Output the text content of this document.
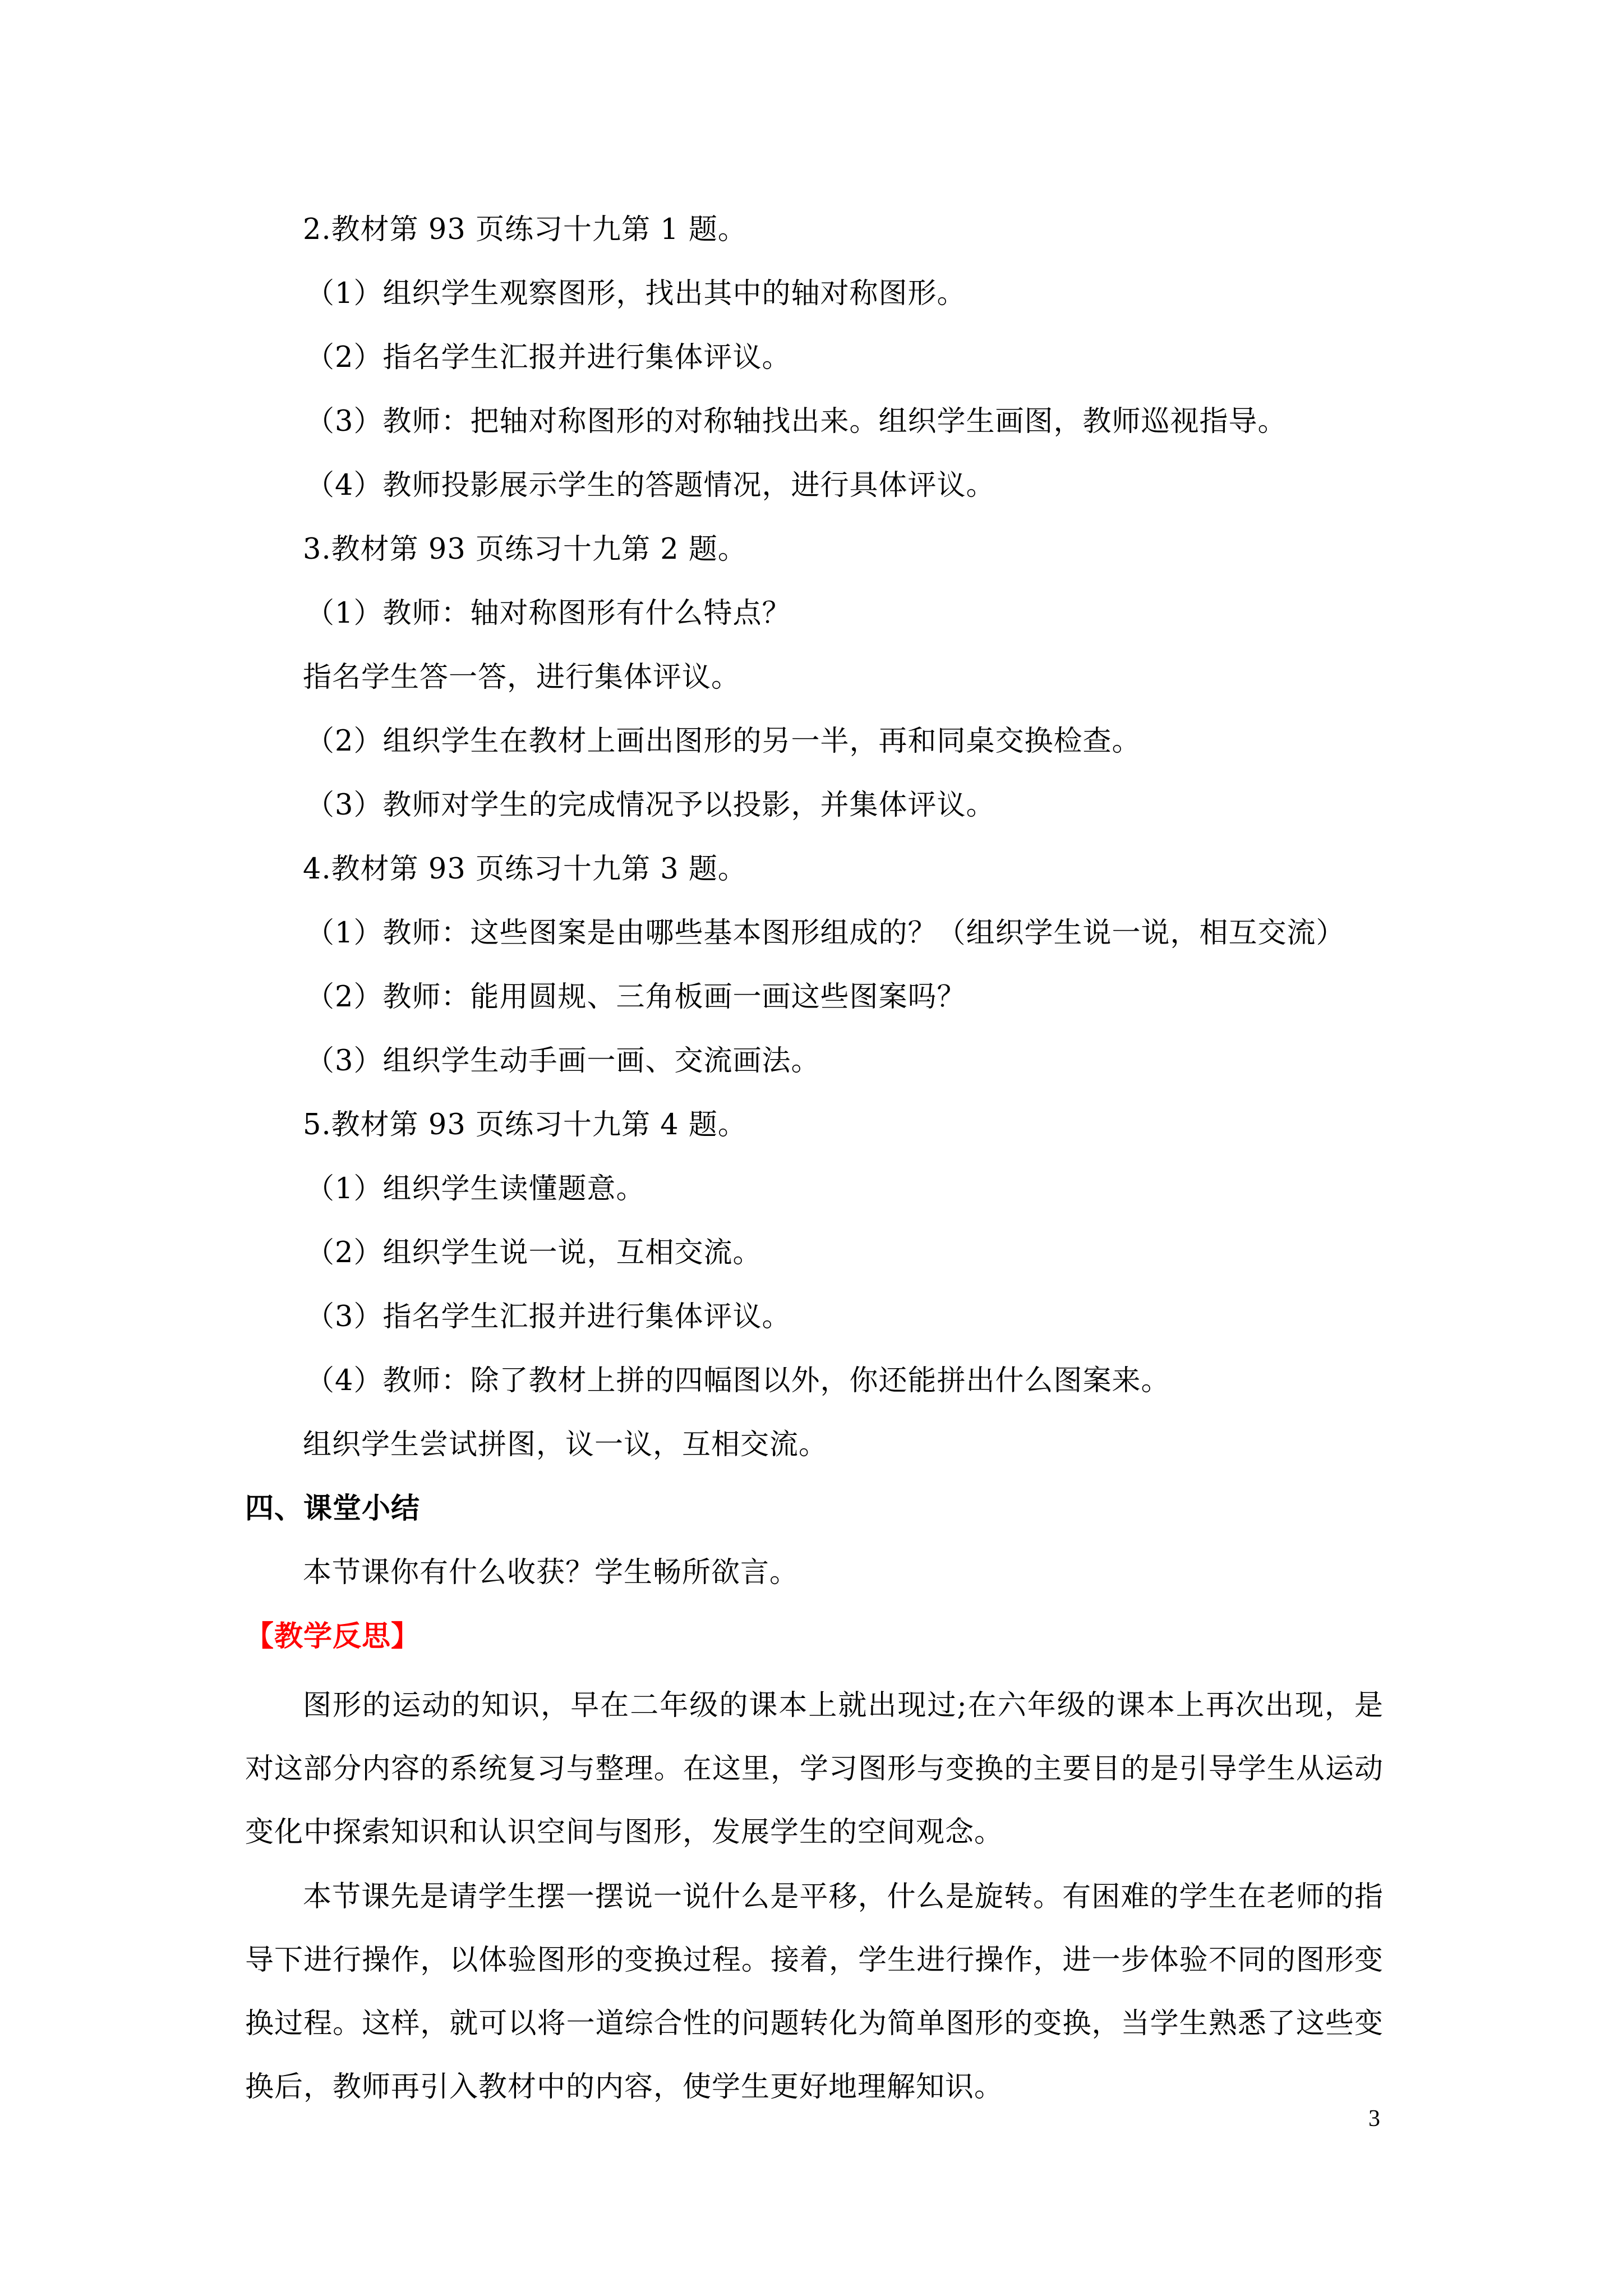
2.教材第 93 页练习十九第 1 题。
（1）组织学生观察图形，找出其中的轴对称图形。
（2）指名学生汇报并进行集体评议。
（3）教师：把轴对称图形的对称轴找出来。组织学生画图，教师巡视指导。
（4）教师投影展示学生的答题情况，进行具体评议。
3.教材第 93 页练习十九第 2 题。
（1）教师：轴对称图形有什么特点？
指名学生答一答，进行集体评议。
（2）组织学生在教材上画出图形的另一半，再和同桌交换检查。
（3）教师对学生的完成情况予以投影，并集体评议。
4.教材第 93 页练习十九第 3 题。
（1）教师：这些图案是由哪些基本图形组成的？（组织学生说一说，相互交流）
（2）教师：能用圆规、三角板画一画这些图案吗？
（3）组织学生动手画一画、交流画法。
5.教材第 93 页练习十九第 4 题。
（1）组织学生读懂题意。
（2）组织学生说一说，互相交流。
（3）指名学生汇报并进行集体评议。
（4）教师：除了教材上拼的四幅图以外，你还能拼出什么图案来。
组织学生尝试拼图，议一议，互相交流。
四、课堂小结
本节课你有什么收获？学生畅所欲言。
【教学反思】
图形的运动的知识，早在二年级的课本上就出现过;在六年级的课本上再次出现，是对这部分内容的系统复习与整理。在这里，学习图形与变换的主要目的是引导学生从运动变化中探索知识和认识空间与图形，发展学生的空间观念。
本节课先是请学生摆一摆说一说什么是平移，什么是旋转。有困难的学生在老师的指导下进行操作，以体验图形的变换过程。接着，学生进行操作，进一步体验不同的图形变换过程。这样，就可以将一道综合性的问题转化为简单图形的变换，当学生熟悉了这些变换后，教师再引入教材中的内容，使学生更好地理解知识。
3
